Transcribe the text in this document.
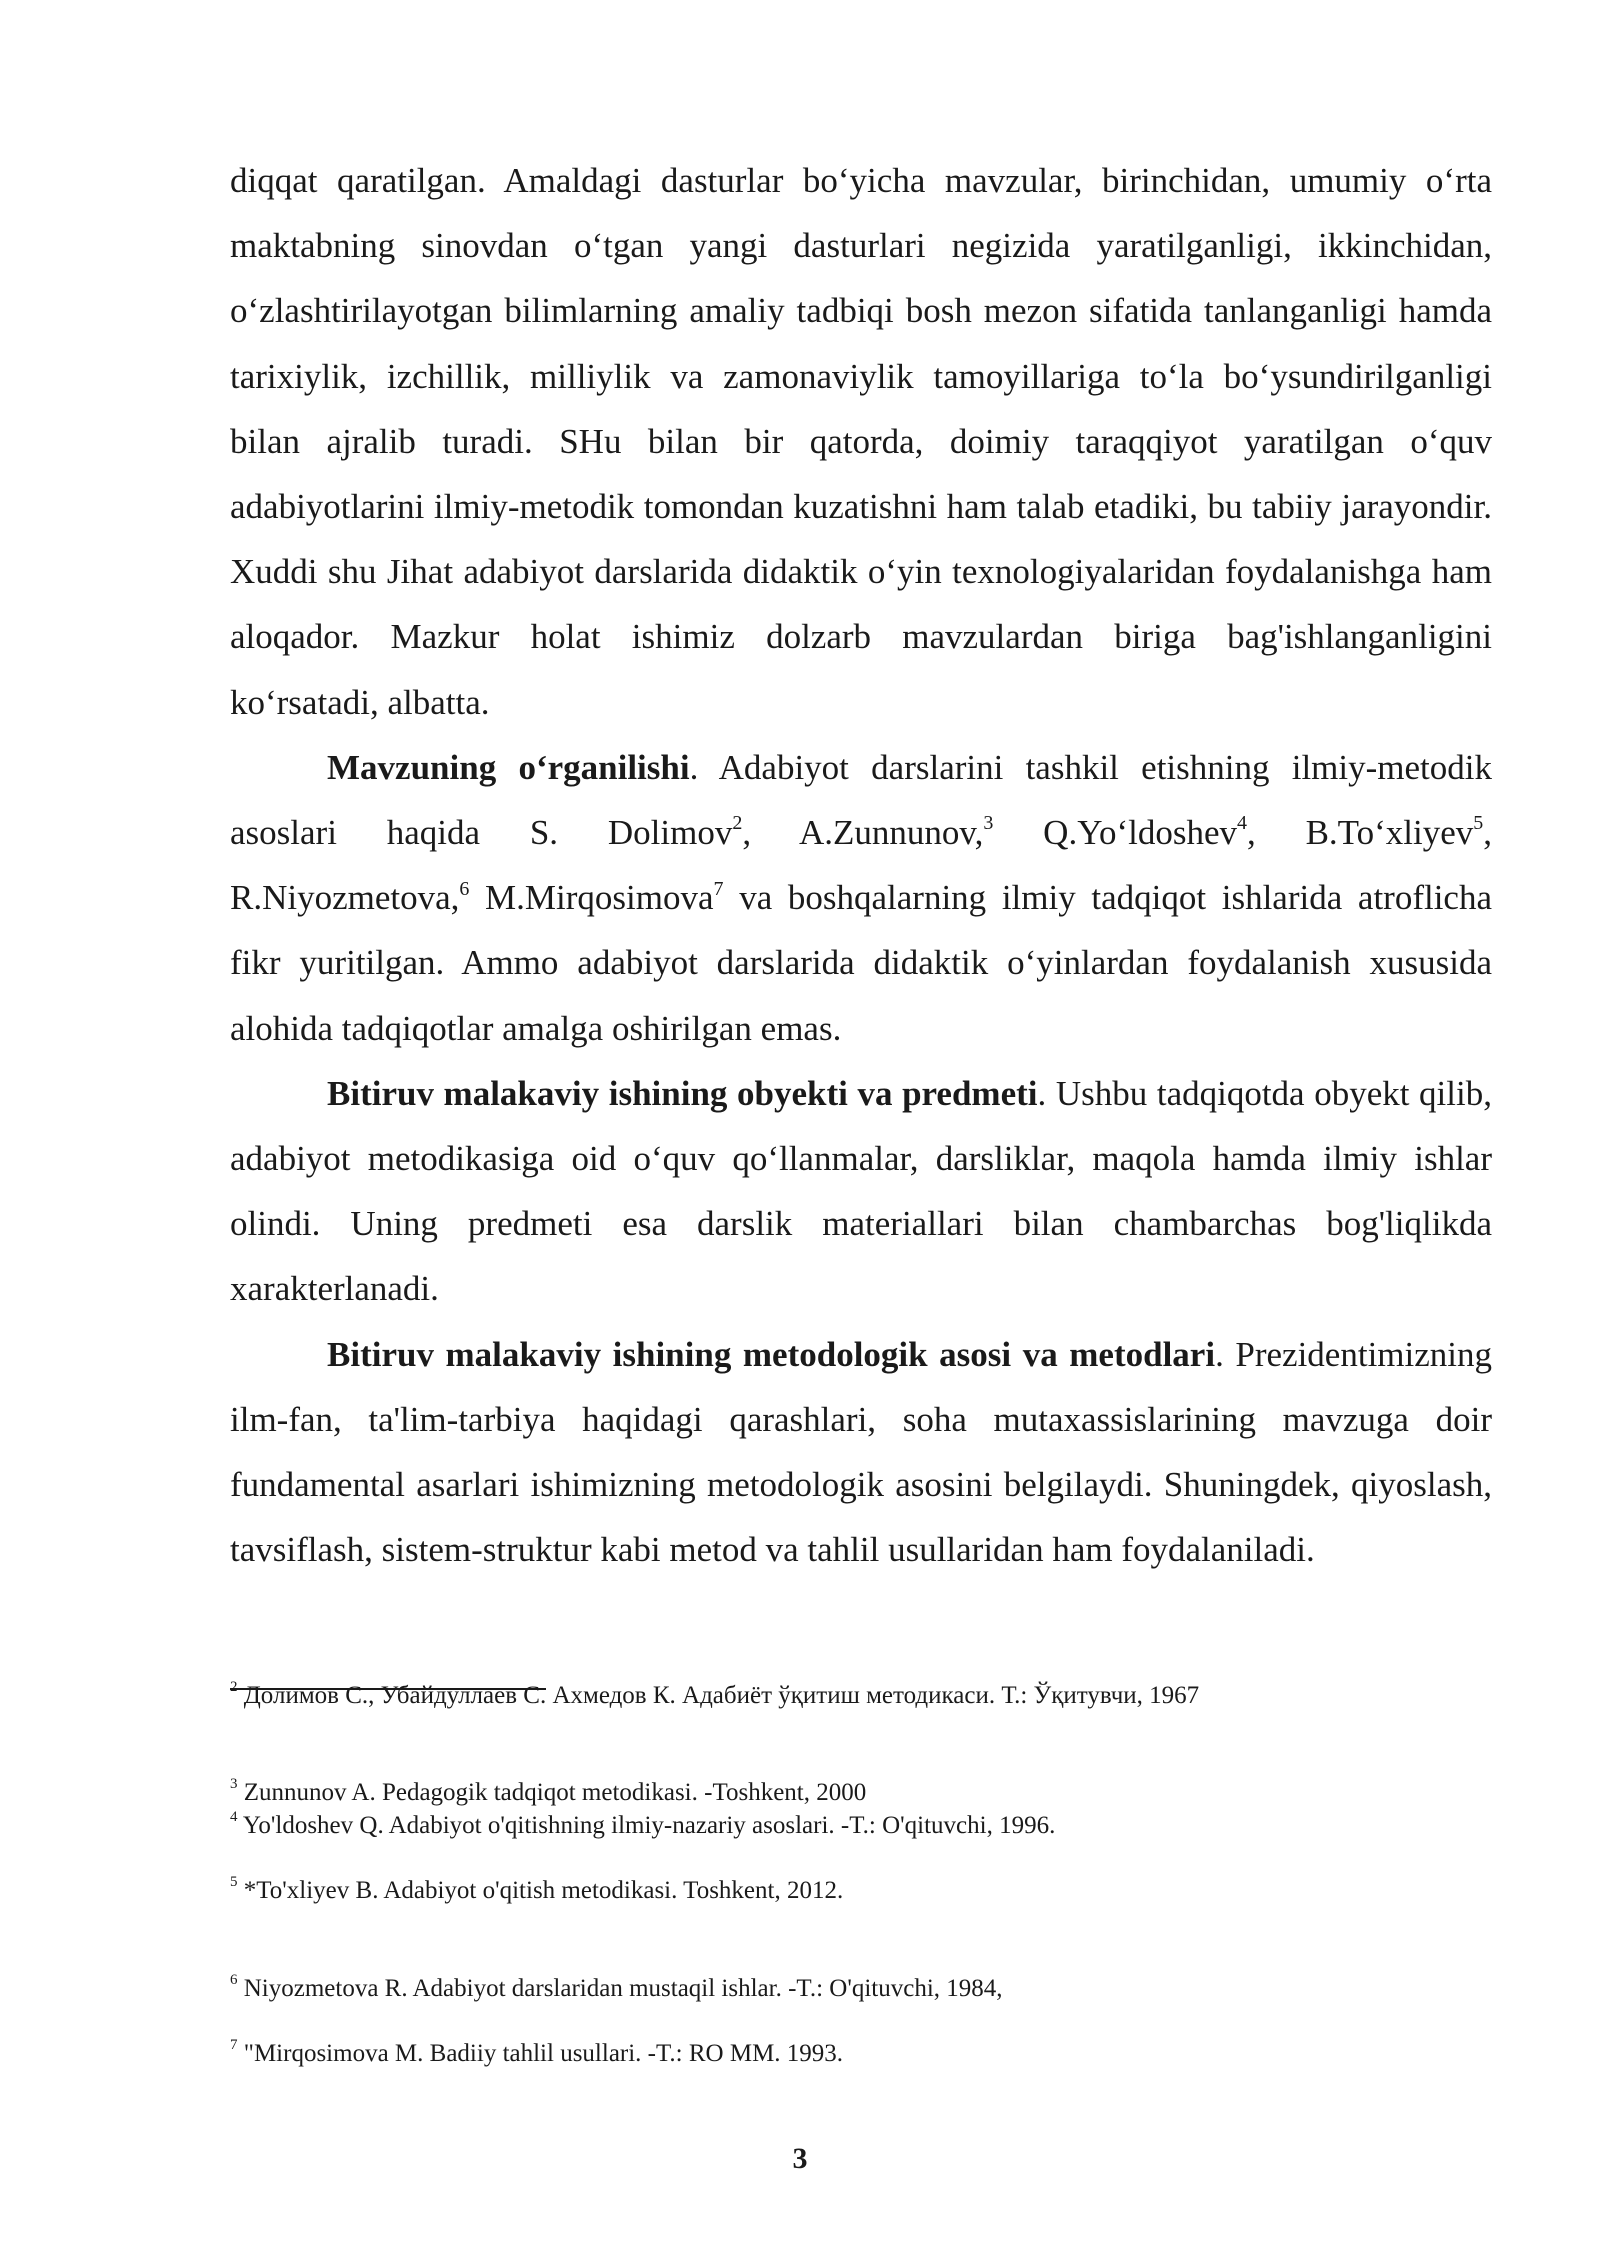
diqqat qaratilgan. Amaldagi dasturlar bo‘yicha mavzular, birinchidan, umumiy o‘rta maktabning sinovdan o‘tgan yangi dasturlari negizida yaratilganligi, ikkinchidan, o‘zlashtirilayotgan bilimlarning amaliy tadbiqi bosh mezon sifatida tanlanganligi hamda tarixiylik, izchillik, milliylik va zamonaviylik tamoyillariga to‘la bo‘ysundirilganligi bilan ajralib turadi. SHu bilan bir qatorda, doimiy taraqqiyot yaratilgan o‘quv adabiyotlarini ilmiy-metodik tomondan kuzatishni ham talab etadiki, bu tabiiy jarayondir. Xuddi shu Jihat adabiyot darslarida didaktik o‘yin texnologiyalaridan foydalanishga ham aloqador. Mazkur holat ishimiz dolzarb mavzulardan biriga bag'ishlanganligini ko‘rsatadi, albatta.

Mavzuning o‘rganilishi. Adabiyot darslarini tashkil etishning ilmiy-metodik asoslari haqida S. Dolimov$^2$, A.Zunnunov,$^3$ Q.Yo‘ldoshev$^4$, B.To‘xliyev$^5$, R.Niyozmetova,$^6$ M.Mirqosimova$^7$ va boshqalarning ilmiy tadqiqot ishlarida atroflicha fikr yuritilgan. Ammo adabiyot darslarida didaktik o‘yinlardan foydalanish xususida alohida tadqiqotlar amalga oshirilgan emas.

Bitiruv malakaviy ishining obyekti va predmeti. Ushbu tadqiqotda obyekt qilib, adabiyot metodikasiga oid o‘quv qo‘llanmalar, darsliklar, maqola hamda ilmiy ishlar olindi. Uning predmeti esa darslik materiallari bilan chambarchas bog'liqlikda xarakterlanadi.

Bitiruv malakaviy ishining metodologik asosi va metodlari. Prezidentimizning ilm-fan, ta'lim-tarbiya haqidagi qarashlari, soha mutaxassislarining mavzuga doir fundamental asarlari ishimizning metodologik asosini belgilaydi. Shuningdek, qiyoslash, tavsiflash, sistem-struktur kabi metod va tahlil usullaridan ham foydalaniladi.

$^2$ Долимов С., Убайдуллаев С. Ахмедов К. Адабиёт ўқитиш методикаси. Т.: Ўқитувчи, 1967

$^3$ Zunnunov A. Pedagogik tadqiqot metodikasi. -Toshkent, 2000

$^4$ Yo'ldoshev Q. Adabiyot o'qitishning ilmiy-nazariy asoslari. -T.: O'qituvchi, 1996.

$^5$ *To'xliyev B. Adabiyot o'qitish metodikasi. Toshkent, 2012.

$^6$ Niyozmetova R. Adabiyot darslaridan mustaqil ishlar. -T.: O'qituvchi, 1984,

$^7$ "Mirqosimova M. Badiiy tahlil usullari. -T.: RO MM. 1993.

3
